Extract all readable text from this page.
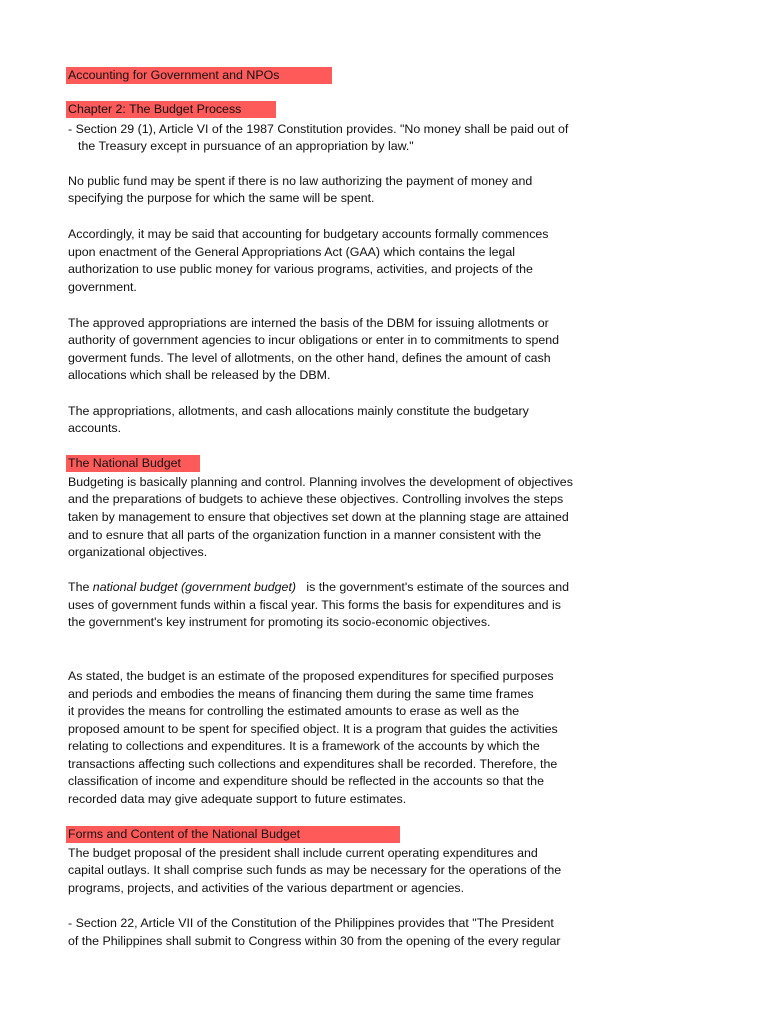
Accounting for Government and NPOs
Chapter 2: The Budget Process
- Section 29 (1), Article VI of the 1987 Constitution provides. "No money shall be paid out of
the Treasury except in pursuance of an appropriation by law."
No public fund may be spent if there is no law authorizing the payment of money and
specifying the purpose for which the same will be spent.
Accordingly, it may be said that accounting for budgetary accounts formally commences
upon enactment of the General Appropriations Act (GAA) which contains the legal
authorization to use public money for various programs, activities, and projects of the
government.
The approved appropriations are interned the basis of the DBM for issuing allotments or
authority of government agencies to incur obligations or enter in to commitments to spend
goverment funds. The level of allotments, on the other hand, defines the amount of cash
allocations which shall be released by the DBM.
The appropriations, allotments, and cash allocations mainly constitute the budgetary
accounts.
The National Budget
Budgeting is basically planning and control. Planning involves the development of objectives
and the preparations of budgets to achieve these objectives. Controlling involves the steps
taken by management to ensure that objectives set down at the planning stage are attained
and to esnure that all parts of the organization function in a manner consistent with the
organizational objectives.
The national budget (government budget)   is the government's estimate of the sources and
uses of government funds within a fiscal year. This forms the basis for expenditures and is
the government's key instrument for promoting its socio-economic objectives.
As stated, the budget is an estimate of the proposed expenditures for specified purposes
and periods and embodies the means of financing them during the same time frames
it provides the means for controlling the estimated amounts to erase as well as the
proposed amount to be spent for specified object. It is a program that guides the activities
relating to collections and expenditures. It is a framework of the accounts by which the
transactions affecting such collections and expenditures shall be recorded. Therefore, the
classification of income and expenditure should be reflected in the accounts so that the
recorded data may give adequate support to future estimates.
Forms and Content of the National Budget
The budget proposal of the president shall include current operating expenditures and
capital outlays. It shall comprise such funds as may be necessary for the operations of the
programs, projects, and activities of the various department or agencies.
- Section 22, Article VII of the Constitution of the Philippines provides that "The President
of the Philippines shall submit to Congress within 30 from the opening of the every regular
